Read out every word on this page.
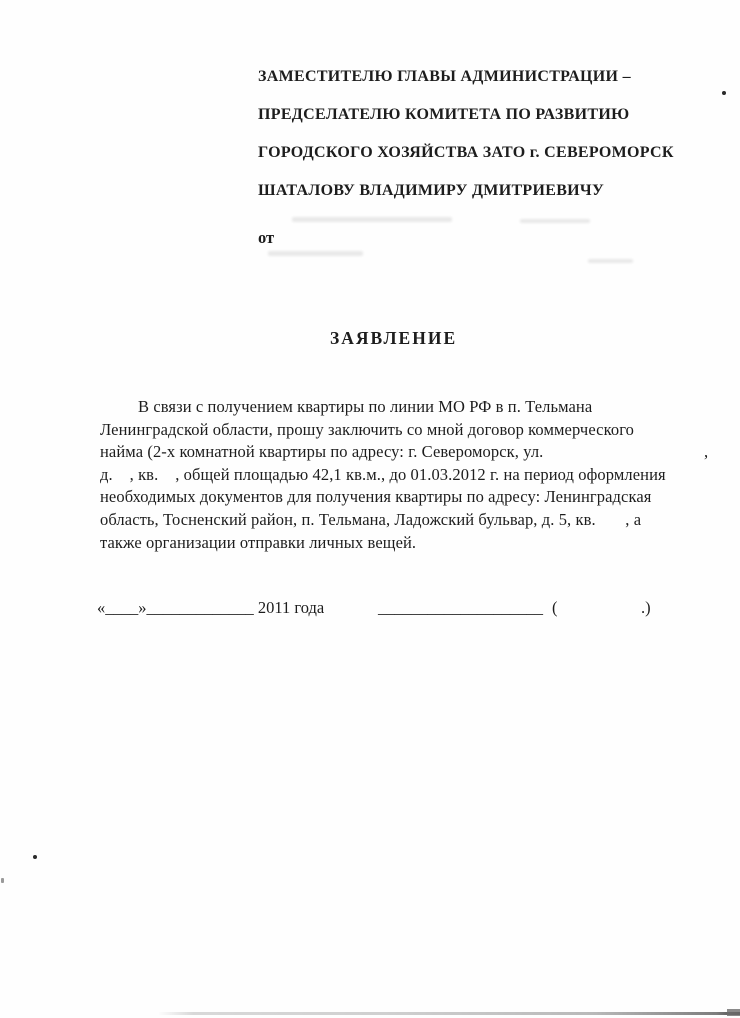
ЗАМЕСТИТЕЛЮ ГЛАВЫ АДМИНИСТРАЦИИ –
ПРЕДСЕЛАТЕЛЮ КОМИТЕТА ПО РАЗВИТИЮ
ГОРОДСКОГО ХОЗЯЙСТВА ЗАТО г. СЕВЕРОМОРСК
ШАТАЛОВУ ВЛАДИМИРУ ДМИТРИЕВИЧУ
от
ЗАЯВЛЕНИЕ
В связи с получением квартиры по линии МО РФ в п. Тельмана
Ленинградской области, прошу заключить со мной договор коммерческого
найма (2-х комнатной квартиры по адресу: г. Североморск, ул.                                      ,
д.    , кв.    , общей площадью 42,1 кв.м., до 01.03.2012 г. на период оформления
необходимых документов для получения квартиры по адресу: Ленинградская
область, Тосненский район, п. Тельмана, Ладожский бульвар, д. 5, кв.       , а
также организации отправки личных вещей.
«____»_____________ 2011 года	____________________ (	.)
